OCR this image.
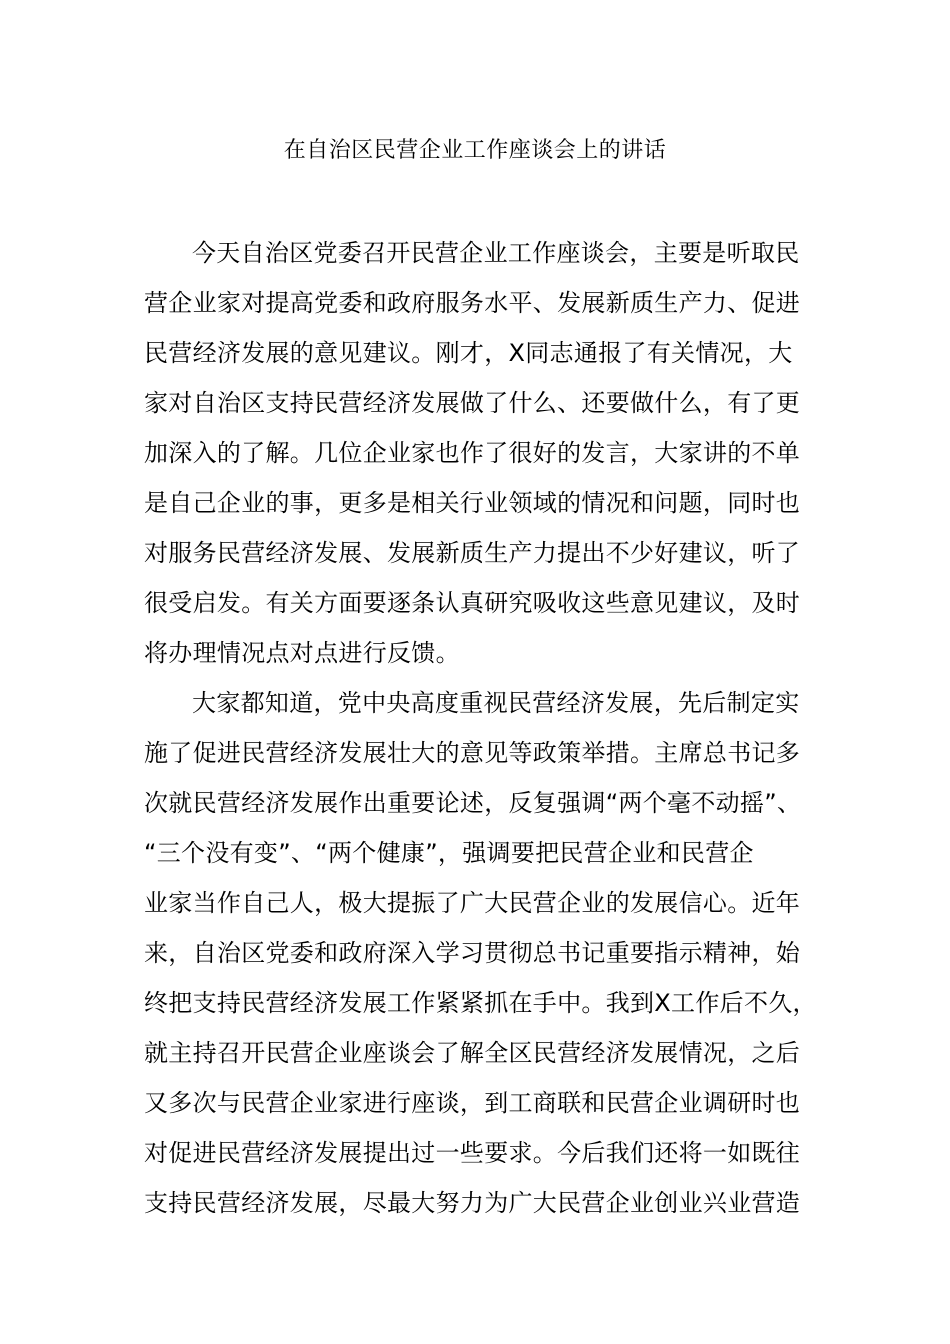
在自治区民营企业工作座谈会上的讲话
今天自治区党委召开民营企业工作座谈会，主要是听取民
营企业家对提高党委和政府服务水平、发展新质生产力、促进
民营经济发展的意见建议。刚才，X同志通报了有关情况，大
家对自治区支持民营经济发展做了什么、还要做什么，有了更
加深入的了解。几位企业家也作了很好的发言，大家讲的不单
是自己企业的事，更多是相关行业领域的情况和问题，同时也
对服务民营经济发展、发展新质生产力提出不少好建议，听了
很受启发。有关方面要逐条认真研究吸收这些意见建议，及时
将办理情况点对点进行反馈。
大家都知道，党中央高度重视民营经济发展，先后制定实
施了促进民营经济发展壮大的意见等政策举措。主席总书记多
次就民营经济发展作出重要论述，反复强调“两个毫不动摇”、
“三个没有变”、“两个健康”，强调要把民营企业和民营企
业家当作自己人，极大提振了广大民营企业的发展信心。近年
来，自治区党委和政府深入学习贯彻总书记重要指示精神，始
终把支持民营经济发展工作紧紧抓在手中。我到X工作后不久，
就主持召开民营企业座谈会了解全区民营经济发展情况，之后
又多次与民营企业家进行座谈，到工商联和民营企业调研时也
对促进民营经济发展提出过一些要求。今后我们还将一如既往
支持民营经济发展，尽最大努力为广大民营企业创业兴业营造
